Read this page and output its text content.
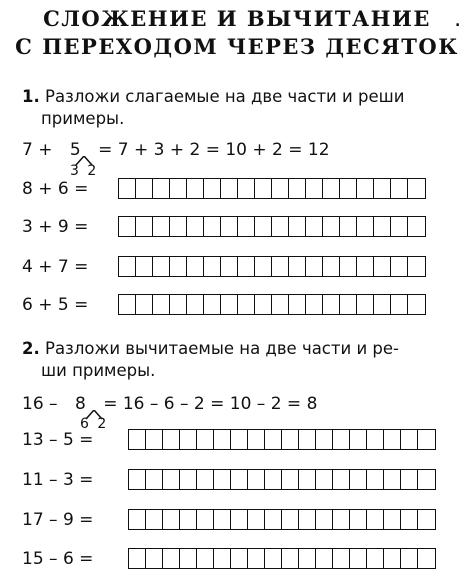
СЛОЖЕНИЕ И ВЫЧИТАНИЕ	.
С ПЕРЕХОДОМ ЧЕРЕЗ ДЕСЯТОК
1. Разложи слагаемые на две части и реши
примеры.
7 + 5 = 7 + 3 + 2 = 10 + 2 = 12
3 2
8 + 6 =
3 + 9 =
4 + 7 =
6 + 5 =
2. Разложи вычитаемые на две части и ре-
ши примеры.
16 – 8 = 16 – 6 – 2 = 10 – 2 = 8
6 2
13 – 5 =
11 – 3 =
17 – 9 =
15 – 6 =
